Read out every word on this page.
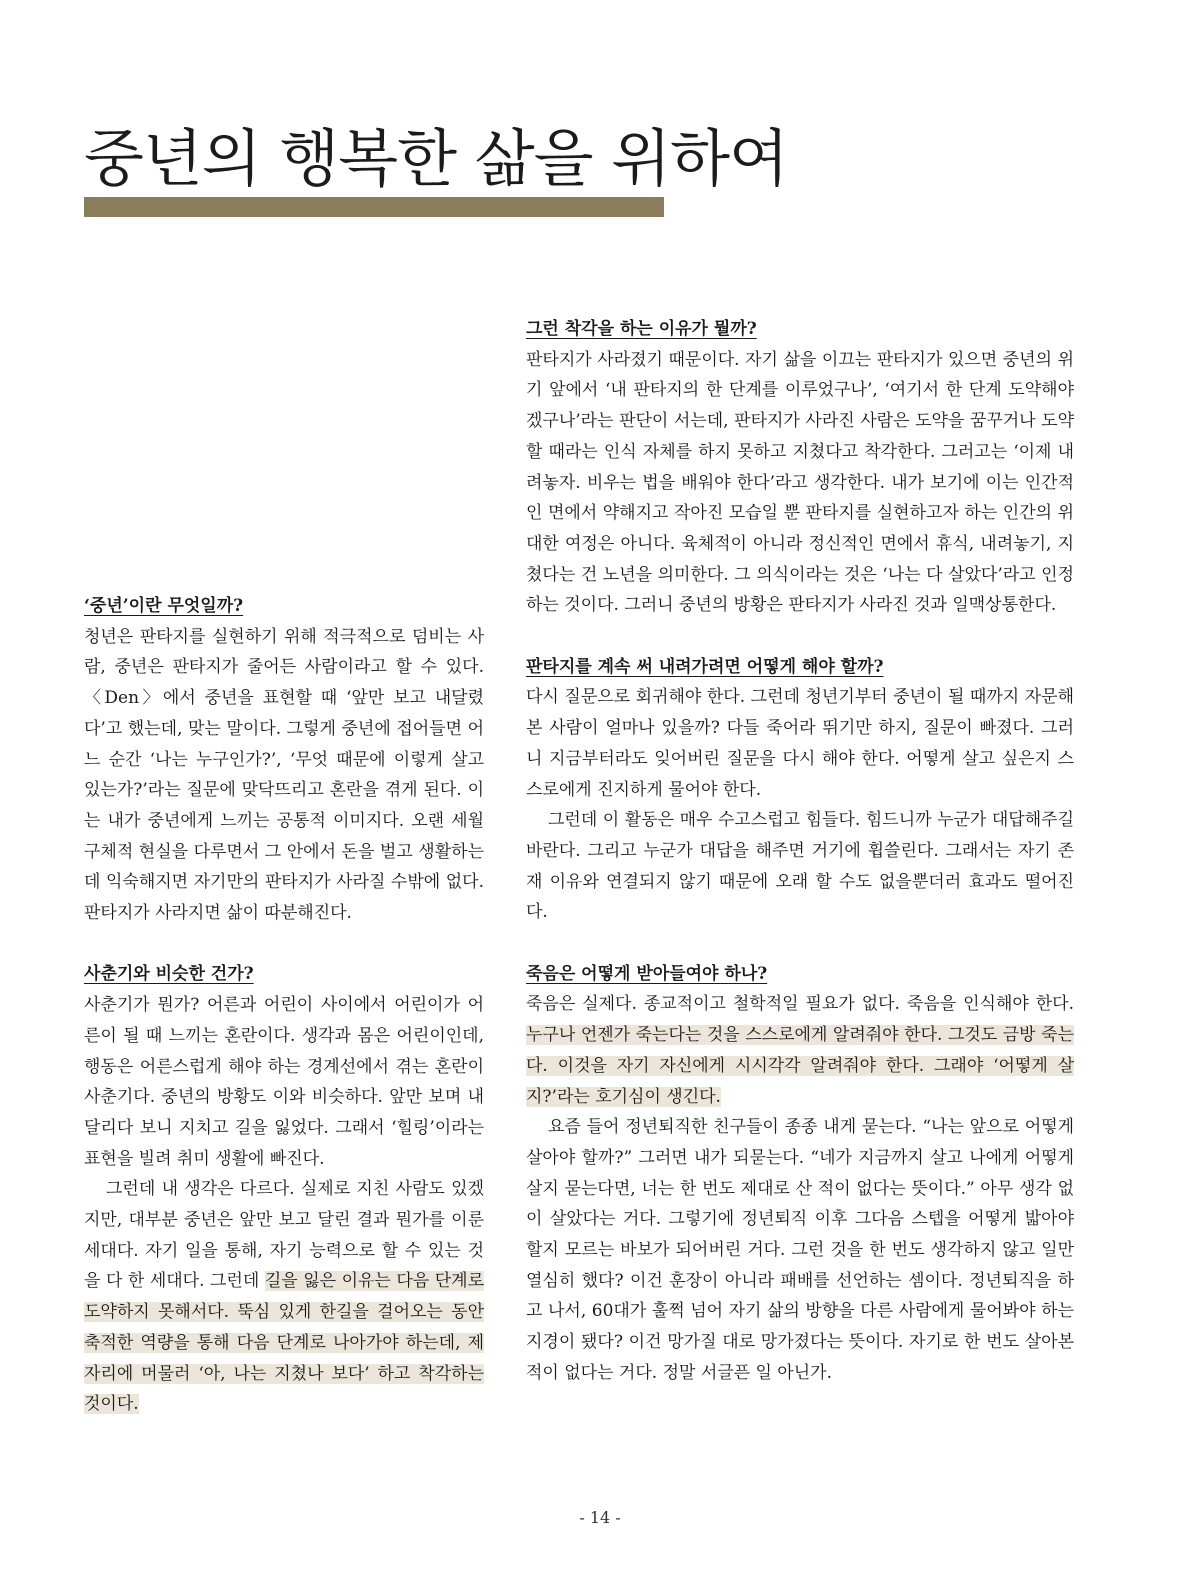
중년의 행복한 삶을 위하여

‘중년’이란 무엇일까?

청년은 판타지를 실현하기 위해 적극적으로 덤비는 사람, 중년은 판타지가 줄어든 사람이라고 할 수 있다. 〈Den〉에서 중년을 표현할 때 ‘앞만 보고 내달렸다’고 했는데, 맞는 말이다. 그렇게 중년에 접어들면 어느 순간 ‘나는 누구인가?’, ‘무엇 때문에 이렇게 살고 있는가?’라는 질문에 맞닥뜨리고 혼란을 겪게 된다. 이는 내가 중년에게 느끼는 공통적 이미지다. 오랜 세월 구체적 현실을 다루면서 그 안에서 돈을 벌고 생활하는 데 익숙해지면 자기만의 판타지가 사라질 수밖에 없다. 판타지가 사라지면 삶이 따분해진다.

사춘기와 비슷한 건가?

사춘기가 뭔가? 어른과 어린이 사이에서 어린이가 어른이 될 때 느끼는 혼란이다. 생각과 몸은 어린이인데, 행동은 어른스럽게 해야 하는 경계선에서 겪는 혼란이 사춘기다. 중년의 방황도 이와 비슷하다. 앞만 보며 내달리다 보니 지치고 길을 잃었다. 그래서 ‘힐링’이라는 표현을 빌려 취미 생활에 빠진다.

그런데 내 생각은 다르다. 실제로 지친 사람도 있겠지만, 대부분 중년은 앞만 보고 달린 결과 뭔가를 이룬 세대다. 자기 일을 통해, 자기 능력으로 할 수 있는 것을 다 한 세대다. 그런데 길을 잃은 이유는 다음 단계로 도약하지 못해서다. 뚝심 있게 한길을 걸어오는 동안 축적한 역량을 통해 다음 단계로 나아가야 하는데, 제자리에 머물러 ‘아, 나는 지쳤나 보다’ 하고 착각하는 것이다.

그런 착각을 하는 이유가 뭘까?

판타지가 사라졌기 때문이다. 자기 삶을 이끄는 판타지가 있으면 중년의 위기 앞에서 ‘내 판타지의 한 단계를 이루었구나’, ‘여기서 한 단계 도약해야겠구나’라는 판단이 서는데, 판타지가 사라진 사람은 도약을 꿈꾸거나 도약할 때라는 인식 자체를 하지 못하고 지쳤다고 착각한다. 그러고는 ‘이제 내려놓자. 비우는 법을 배워야 한다’라고 생각한다. 내가 보기에 이는 인간적인 면에서 약해지고 작아진 모습일 뿐 판타지를 실현하고자 하는 인간의 위대한 여정은 아니다. 육체적이 아니라 정신적인 면에서 휴식, 내려놓기, 지쳤다는 건 노년을 의미한다. 그 의식이라는 것은 ‘나는 다 살았다’라고 인정하는 것이다. 그러니 중년의 방황은 판타지가 사라진 것과 일맥상통한다.

판타지를 계속 써 내려가려면 어떻게 해야 할까?

다시 질문으로 회귀해야 한다. 그런데 청년기부터 중년이 될 때까지 자문해본 사람이 얼마나 있을까? 다들 죽어라 뛰기만 하지, 질문이 빠졌다. 그러니 지금부터라도 잊어버린 질문을 다시 해야 한다. 어떻게 살고 싶은지 스스로에게 진지하게 물어야 한다.

그런데 이 활동은 매우 수고스럽고 힘들다. 힘드니까 누군가 대답해주길 바란다. 그리고 누군가 대답을 해주면 거기에 휩쓸린다. 그래서는 자기 존재 이유와 연결되지 않기 때문에 오래 할 수도 없을뿐더러 효과도 떨어진다.

죽음은 어떻게 받아들여야 하나?

죽음은 실제다. 종교적이고 철학적일 필요가 없다. 죽음을 인식해야 한다. 누구나 언젠가 죽는다는 것을 스스로에게 알려줘야 한다. 그것도 금방 죽는다. 이것을 자기 자신에게 시시각각 알려줘야 한다. 그래야 ‘어떻게 살지?’라는 호기심이 생긴다.

요즘 들어 정년퇴직한 친구들이 종종 내게 묻는다. “나는 앞으로 어떻게 살아야 할까?” 그러면 내가 되묻는다. “네가 지금까지 살고 나에게 어떻게 살지 묻는다면, 너는 한 번도 제대로 산 적이 없다는 뜻이다.” 아무 생각 없이 살았다는 거다. 그렇기에 정년퇴직 이후 그다음 스텝을 어떻게 밟아야 할지 모르는 바보가 되어버린 거다. 그런 것을 한 번도 생각하지 않고 일만 열심히 했다? 이건 훈장이 아니라 패배를 선언하는 셈이다. 정년퇴직을 하고 나서, 60대가 훌쩍 넘어 자기 삶의 방향을 다른 사람에게 물어봐야 하는 지경이 됐다? 이건 망가질 대로 망가졌다는 뜻이다. 자기로 한 번도 살아본 적이 없다는 거다. 정말 서글픈 일 아닌가.

- 14 -
